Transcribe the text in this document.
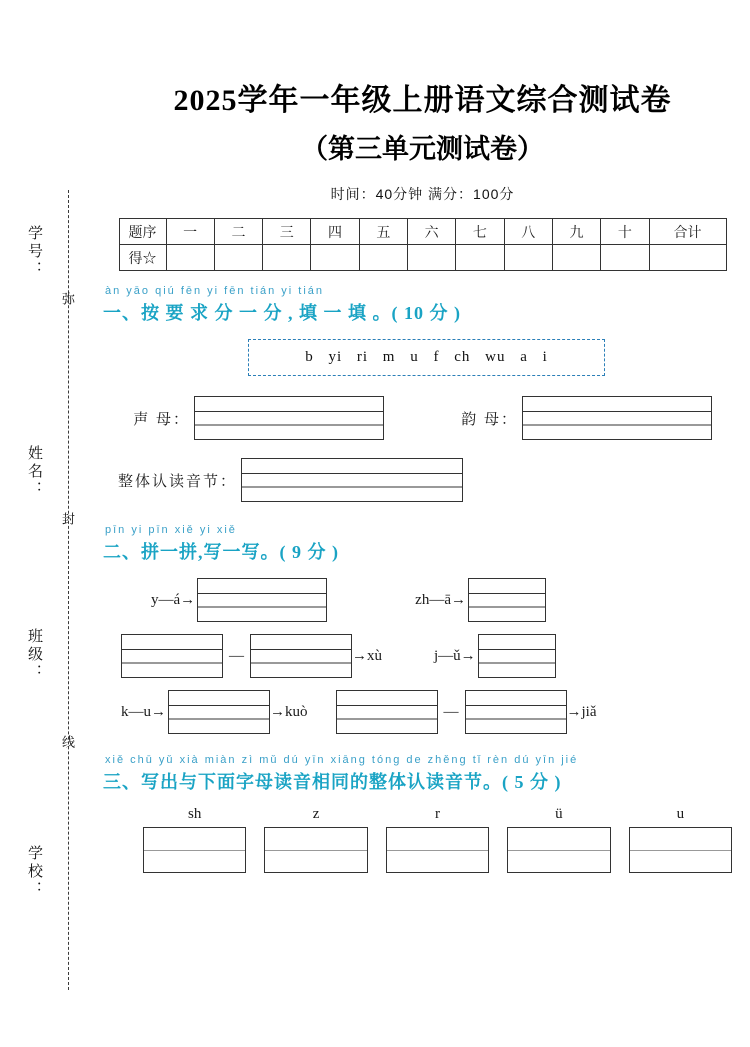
学号：
姓名：
班级：
学校：
弥
封
线
2025学年一年级上册语文综合测试卷
（第三单元测试卷）
时间：40分钟 满分：100分
题序	一	二	三	四	五	六	七	八	九	十	合计
得☆											
àn yāo qiú fēn yi fēn tián yi tián
一、按 要 求 分 一 分 , 填 一 填 。( 10 分 )
b yi ri m u f ch wu a i
声 母：	韵 母：
整体认读音节：
pīn yi pīn xiě yi xiě
二、拼一拼,写一写。( 9 分 )
y—á→	zh—ā→
—	→xù	j—ǔ→
k—u→	→kuò	—	→jiǎ
xiě chū yǔ xià miàn zì mǔ dú yīn xiāng tóng de zhěng tǐ rèn dú yīn jié
三、写出与下面字母读音相同的整体认读音节。( 5 分 )
sh	z	r	ü	u
